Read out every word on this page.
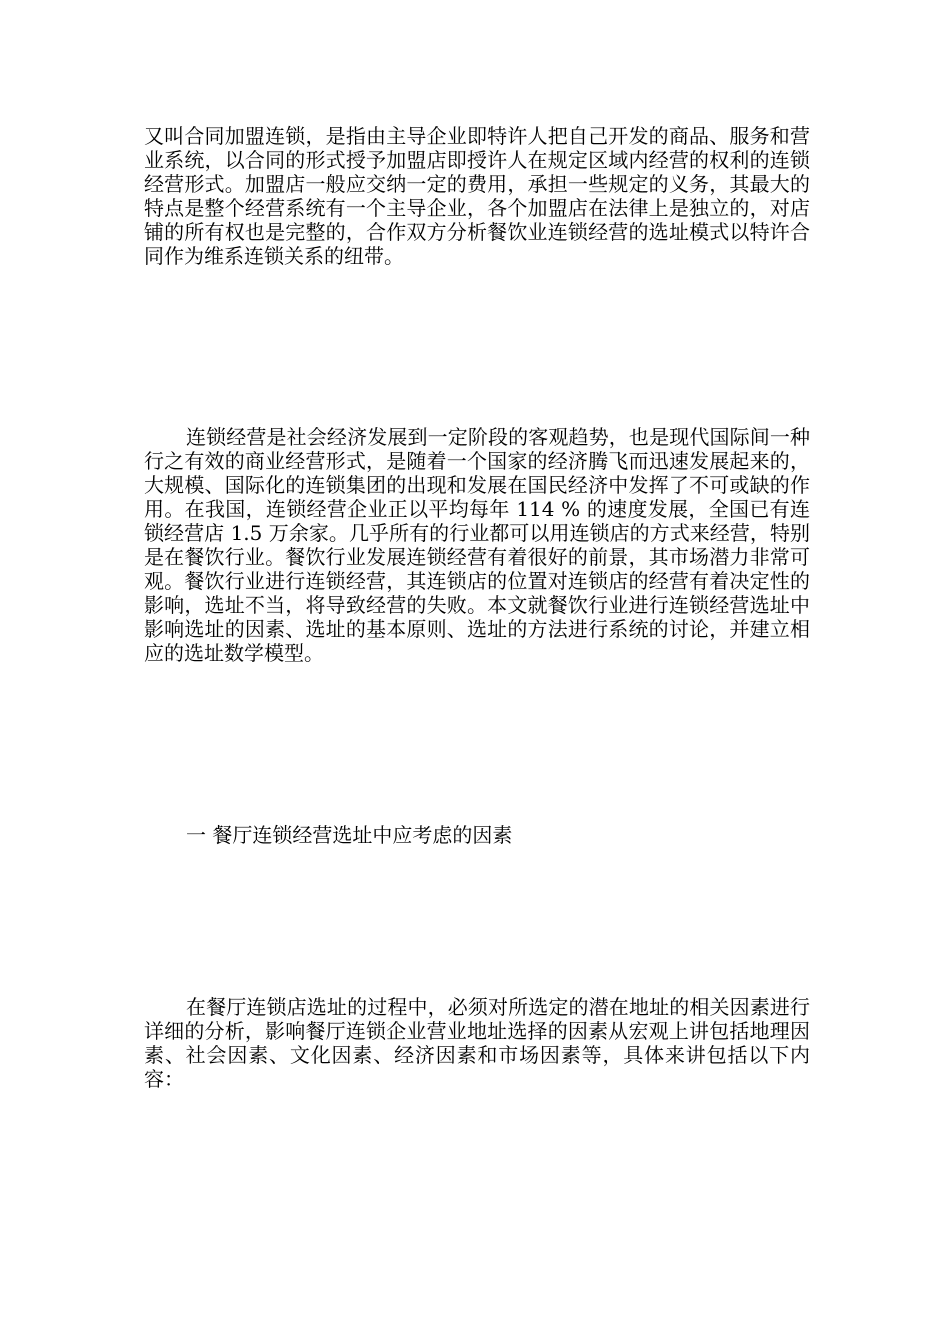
又叫合同加盟连锁，是指由主导企业即特许人把自己开发的商品、服务和营业系统，以合同的形式授予加盟店即授许人在规定区域内经营的权利的连锁经营形式。加盟店一般应交纳一定的费用，承担一些规定的义务，其最大的特点是整个经营系统有一个主导企业，各个加盟店在法律上是独立的，对店铺的所有权也是完整的，合作双方分析餐饮业连锁经营的选址模式以特许合同作为维系连锁关系的纽带。

连锁经营是社会经济发展到一定阶段的客观趋势，也是现代国际间一种行之有效的商业经营形式，是随着一个国家的经济腾飞而迅速发展起来的，大规模、国际化的连锁集团的出现和发展在国民经济中发挥了不可或缺的作用。在我国，连锁经营企业正以平均每年 114 % 的速度发展，全国已有连锁经营店 1.5 万余家。几乎所有的行业都可以用连锁店的方式来经营，特别是在餐饮行业。餐饮行业发展连锁经营有着很好的前景，其市场潜力非常可观。餐饮行业进行连锁经营，其连锁店的位置对连锁店的经营有着决定性的影响，选址不当，将导致经营的失败。本文就餐饮行业进行连锁经营选址中影响选址的因素、选址的基本原则、选址的方法进行系统的讨论，并建立相应的选址数学模型。

一 餐厅连锁经营选址中应考虑的因素

在餐厅连锁店选址的过程中，必须对所选定的潜在地址的相关因素进行详细的分析，影响餐厅连锁企业营业地址选择的因素从宏观上讲包括地理因素、社会因素、文化因素、经济因素和市场因素等，具体来讲包括以下内容：
